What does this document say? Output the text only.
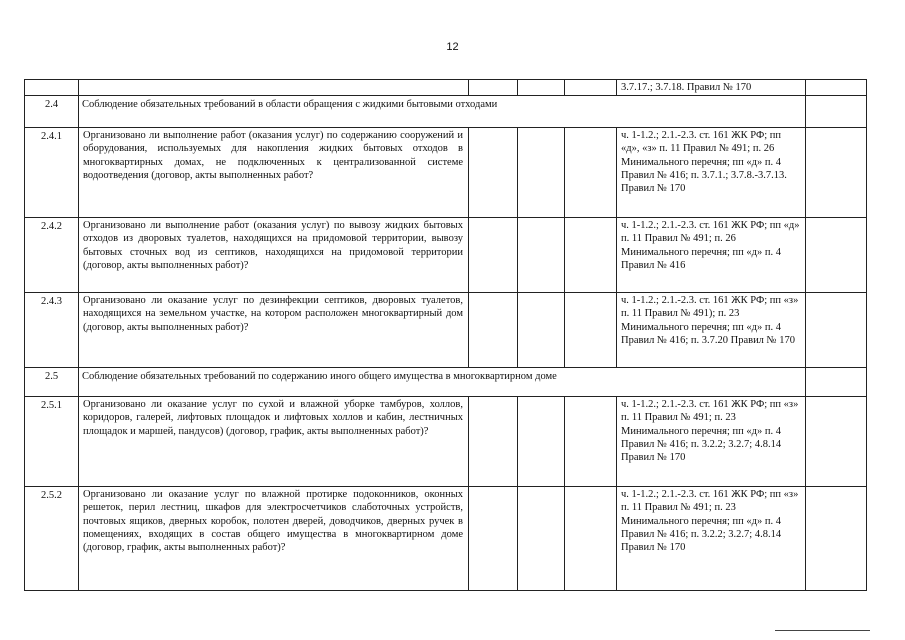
12
					3.7.17.; 3.7.18. Правил № 170	
2.4	Соблюдение обязательных требований в области обращения с жидкими бытовыми отходами					
2.4.1	Организовано ли выполнение работ (оказания услуг) по содержанию сооружений и оборудования, используемых для накопления жидких бытовых отходов в многоквартирных домах, не подключенных к централизованной системе водоотведения (договор, акты выполненных работ?				ч. 1-1.2.; 2.1.-2.3. ст. 161 ЖК РФ; пп «д», «з» п. 11 Правил № 491; п. 26 Минимального перечня; пп «д» п. 4 Правил № 416; п. 3.7.1.; 3.7.8.-3.7.13. Правил № 170	
2.4.2	Организовано ли выполнение работ (оказания услуг) по вывозу жидких бытовых отходов из дворовых туалетов, находящихся на придомовой территории, вывозу бытовых сточных вод из септиков, находящихся на придомовой территории (договор, акты выполненных работ)?				ч. 1-1.2.; 2.1.-2.3. ст. 161 ЖК РФ; пп «д» п. 11 Правил № 491; п. 26 Минимального перечня; пп «д» п. 4 Правил № 416	
2.4.3	Организовано ли оказание услуг по дезинфекции септиков, дворовых туалетов, находящихся на земельном участке, на котором расположен многоквартирный дом (договор, акты выполненных работ)?				ч. 1-1.2.; 2.1.-2.3. ст. 161 ЖК РФ; пп «з» п. 11 Правил № 491); п. 23 Минимального перечня; пп «д» п. 4 Правил № 416; п. 3.7.20 Правил № 170	
2.5	Соблюдение обязательных требований по содержанию иного общего имущества в многоквартирном доме					
2.5.1	Организовано ли оказание услуг по сухой и влажной уборке тамбуров, холлов, коридоров, галерей, лифтовых площадок и лифтовых холлов и кабин, лестничных площадок и маршей, пандусов) (договор, график, акты выполненных работ)?				ч. 1-1.2.; 2.1.-2.3. ст. 161 ЖК РФ; пп «з» п. 11 Правил № 491; п. 23 Минимального перечня; пп «д» п. 4 Правил № 416; п. 3.2.2; 3.2.7; 4.8.14 Правил № 170	
2.5.2	Организовано ли оказание услуг по влажной протирке подоконников, оконных решеток, перил лестниц, шкафов для электросчетчиков слаботочных устройств, почтовых ящиков, дверных коробок, полотен дверей, доводчиков, дверных ручек в помещениях, входящих в состав общего имущества в многоквартирном доме (договор, график, акты выполненных работ)?				ч. 1-1.2.; 2.1.-2.3. ст. 161 ЖК РФ; пп «з» п. 11 Правил № 491; п. 23 Минимального перечня; пп «д» п. 4 Правил № 416; п. 3.2.2; 3.2.7; 4.8.14 Правил № 170	
